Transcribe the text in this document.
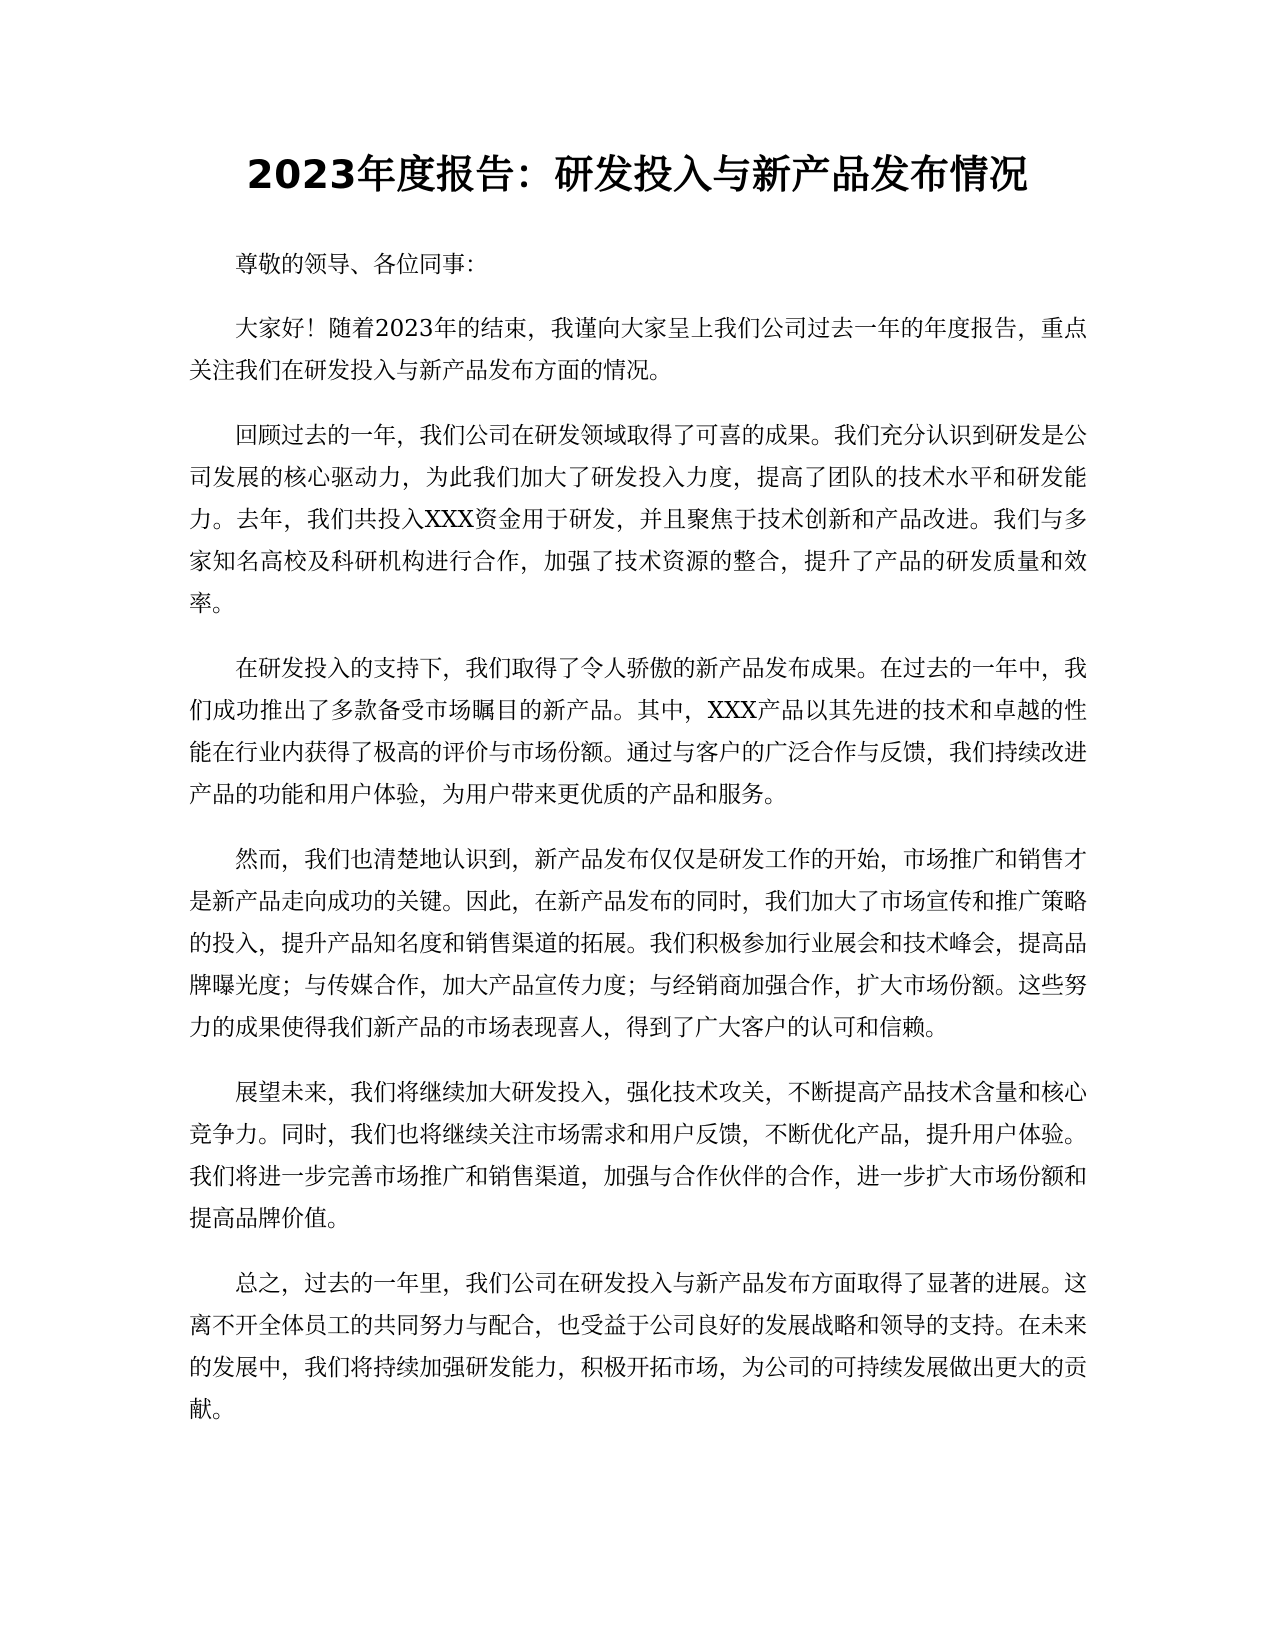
2023年度报告：研发投入与新产品发布情况

尊敬的领导、各位同事：

大家好！随着2023年的结束，我谨向大家呈上我们公司过去一年的年度报告，重点关注我们在研发投入与新产品发布方面的情况。

回顾过去的一年，我们公司在研发领域取得了可喜的成果。我们充分认识到研发是公司发展的核心驱动力，为此我们加大了研发投入力度，提高了团队的技术水平和研发能力。去年，我们共投入XXX资金用于研发，并且聚焦于技术创新和产品改进。我们与多家知名高校及科研机构进行合作，加强了技术资源的整合，提升了产品的研发质量和效率。

在研发投入的支持下，我们取得了令人骄傲的新产品发布成果。在过去的一年中，我们成功推出了多款备受市场瞩目的新产品。其中，XXX产品以其先进的技术和卓越的性能在行业内获得了极高的评价与市场份额。通过与客户的广泛合作与反馈，我们持续改进产品的功能和用户体验，为用户带来更优质的产品和服务。

然而，我们也清楚地认识到，新产品发布仅仅是研发工作的开始，市场推广和销售才是新产品走向成功的关键。因此，在新产品发布的同时，我们加大了市场宣传和推广策略的投入，提升产品知名度和销售渠道的拓展。我们积极参加行业展会和技术峰会，提高品牌曝光度；与传媒合作，加大产品宣传力度；与经销商加强合作，扩大市场份额。这些努力的成果使得我们新产品的市场表现喜人，得到了广大客户的认可和信赖。

展望未来，我们将继续加大研发投入，强化技术攻关，不断提高产品技术含量和核心竞争力。同时，我们也将继续关注市场需求和用户反馈，不断优化产品，提升用户体验。我们将进一步完善市场推广和销售渠道，加强与合作伙伴的合作，进一步扩大市场份额和提高品牌价值。

总之，过去的一年里，我们公司在研发投入与新产品发布方面取得了显著的进展。这离不开全体员工的共同努力与配合，也受益于公司良好的发展战略和领导的支持。在未来的发展中，我们将持续加强研发能力，积极开拓市场，为公司的可持续发展做出更大的贡献。
